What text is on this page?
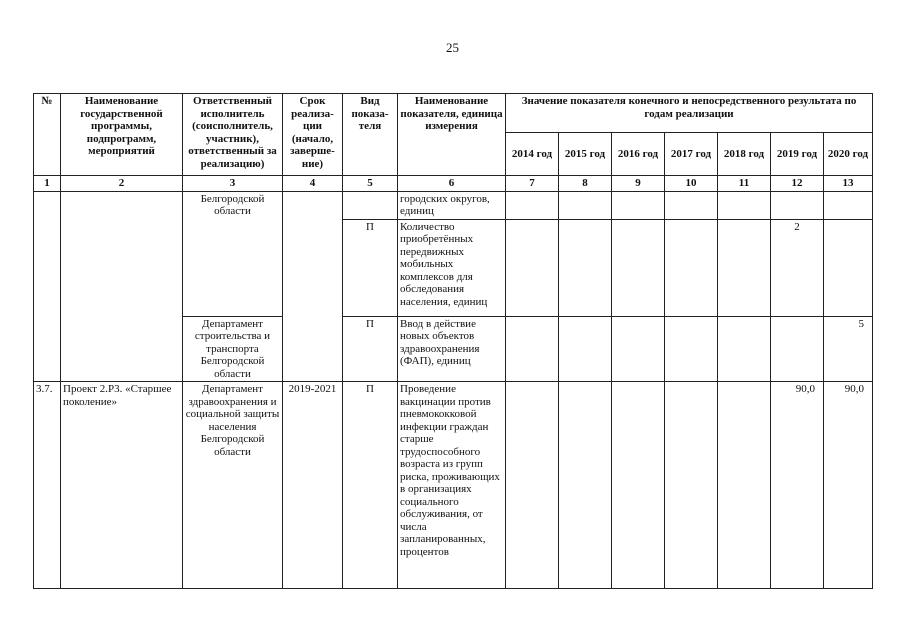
25
№	Наименование государственной программы, подпрограмм, мероприятий	Ответственный исполнитель (соисполнитель, участник), ответственный за реализацию)	Срок реализа-ции (начало, заверше-ние)	Вид показа-теля	Наименование показателя, единица измерения	Значение показателя конечного и непосредственного результата по годам реализации						
						2014 год	2015 год	2016 год	2017 год	2018 год	2019 год	2020 год
1	2	3	4	5	6	7	8	9	10	11	12	13
		Белгородской области			городских округов, единиц							
				П	Количество приобретённых передвижных мобильных комплексов для обследования населения, единиц						2	
		Департамент строительства и транспорта Белгородской области		П	Ввод в действие новых объектов здравоохранения (ФАП), единиц							5
3.7.	Проект 2.Р3. «Старшее поколение»	Департамент здравоохранения и социальной защиты населения Белгородской области	2019-2021	П	Проведение вакцинации против пневмококковой инфекции граждан старше трудоспособного возраста из групп риска, проживающих в организациях социального обслуживания, от числа запланированных, процентов						90,0	90,0
